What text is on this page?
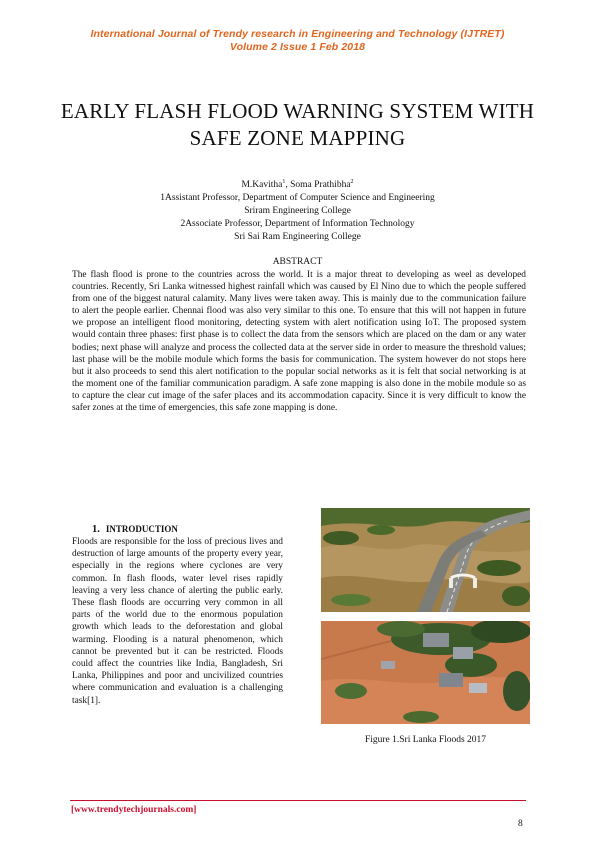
International Journal of Trendy research in Engineering and Technology (IJTRET)
Volume 2 Issue 1 Feb 2018
EARLY FLASH FLOOD WARNING SYSTEM WITH
SAFE ZONE MAPPING
M.Kavitha$^1$, Soma Prathibha$^2$
1Assistant Professor, Department of Computer Science and Engineering
Sriram Engineering College
2Associate Professor, Department of Information Technology
Sri Sai Ram Engineering College
ABSTRACT

The flash flood is prone to the countries across the world. It is a major threat to developing as weel as developed countries. Recently, Sri Lanka witnessed highest rainfall which was caused by El Nino due to which the people suffered from one of the biggest natural calamity. Many lives were taken away. This is mainly due to the communication failure to alert the people earlier. Chennai flood was also very similar to this one. To ensure that this will not happen in future we propose an intelligent flood monitoring, detecting system with alert notification using IoT. The proposed system would contain three phases: first phase is to collect the data from the sensors which are placed on the dam or any water bodies; next phase will analyze and process the collected data at the server side in order to measure the threshold values; last phase will be the mobile module which forms the basis for communication. The system however do not stops here but it also proceeds to send this alert notification to the popular social networks as it is felt that social networking is at the moment one of the familiar communication paradigm. A safe zone mapping is also done in the mobile module so as to capture the clear cut image of the safer places and its accommodation capacity. Since it is very difficult to know the safer zones at the time of emergencies, this safe zone mapping is done.

1. INTRODUCTION

Floods are responsible for the loss of precious lives and destruction of large amounts of the property every year, especially in the regions where cyclones are very common. In flash floods, water level rises rapidly leaving a very less chance of alerting the public early. These flash floods are occurring very common in all parts of the world due to the enormous population growth which leads to the deforestation and global warming. Flooding is a natural phenomenon, which cannot be prevented but it can be restricted. Floods could affect the countries like India, Bangladesh, Sri Lanka, Philippines and poor and uncivilized countries where communication and evaluation is a challenging task[1].

Figure 1.Sri Lanka Floods 2017
[www.trendytechjournals.com]
8
